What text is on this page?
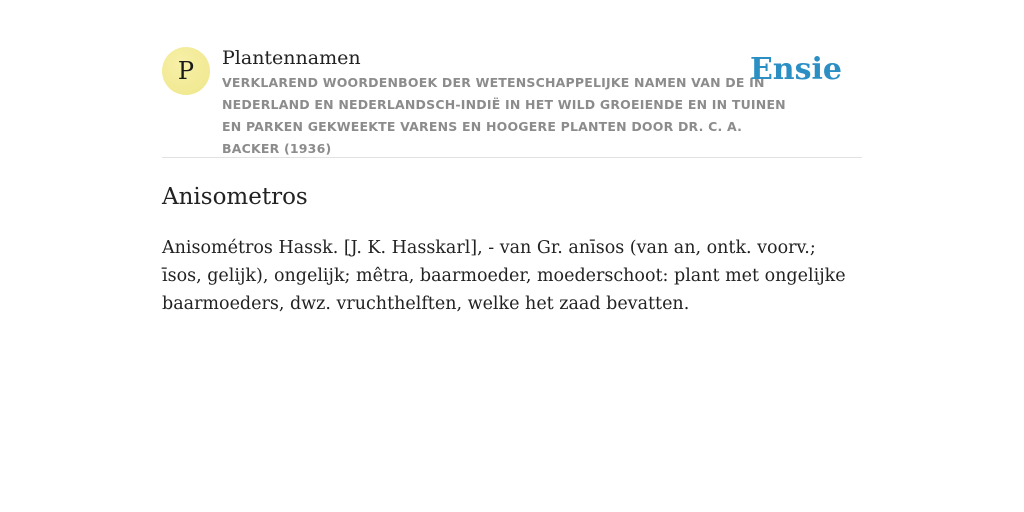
P	Plantennamen
VERKLAREND WOORDENBOEK DER WETENSCHAPPELIJKE NAMEN VAN DE IN NEDERLAND EN NEDERLANDSCH-INDIË IN HET WILD GROEIENDE EN IN TUINEN EN PARKEN GEKWEEKTE VARENS EN HOOGERE PLANTEN DOOR DR. C. A. BACKER (1936)
Ensie
Anisometros

Anisométros Hassk. [J. K. Hasskarl], - van Gr. anīsos (van an, ontk. voorv.; īsos, gelijk), ongelijk; mêtra, baarmoeder, moederschoot: plant met ongelijke baarmoeders, dwz. vruchthelften, welke het zaad bevatten.
